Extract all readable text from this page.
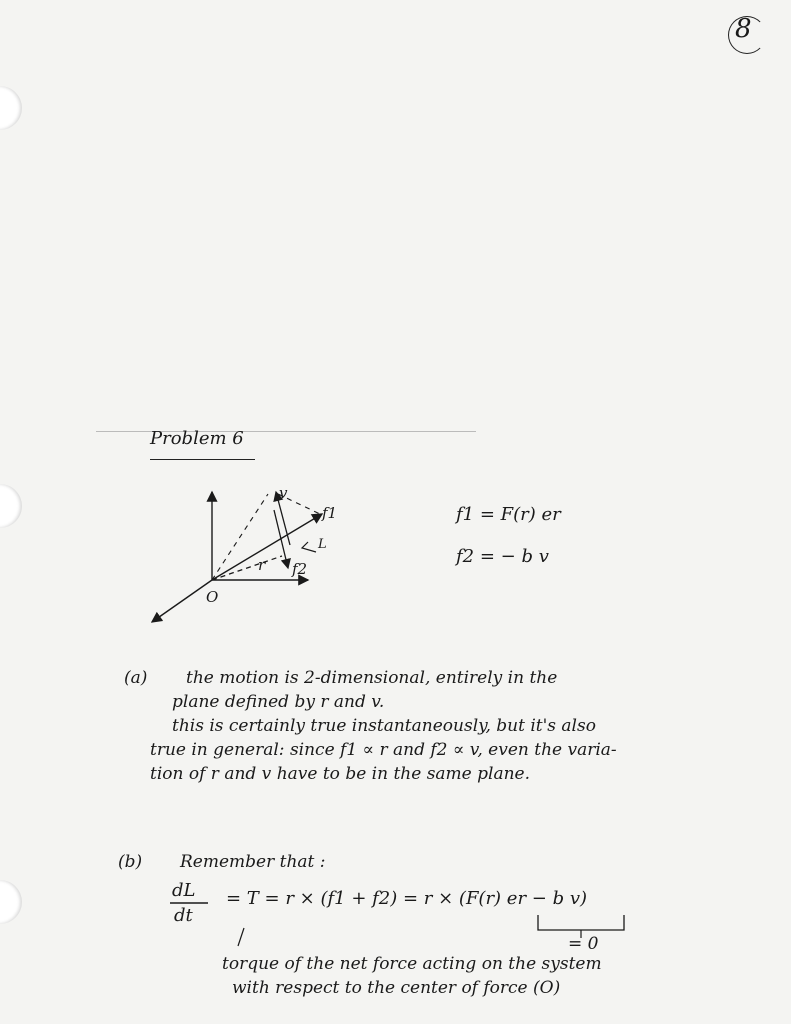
8
Problem 6
v
f1
f2
r
O
L
f1 = F(r) er
f2 = − b v
(a) the motion is 2-dimensional, entirely in the
plane defined by r and v.
this is certainly true instantaneously, but it's also
true in general: since f1 ∝ r and f2 ∝ v, even the varia-
tion of r and v have to be in the same plane.
(b) Remember that :
dL
dt
= T = r × (f1 + f2) = r × (F(r) er − b v)
= 0
torque of the net force acting on the system
with respect to the center of force (O)
